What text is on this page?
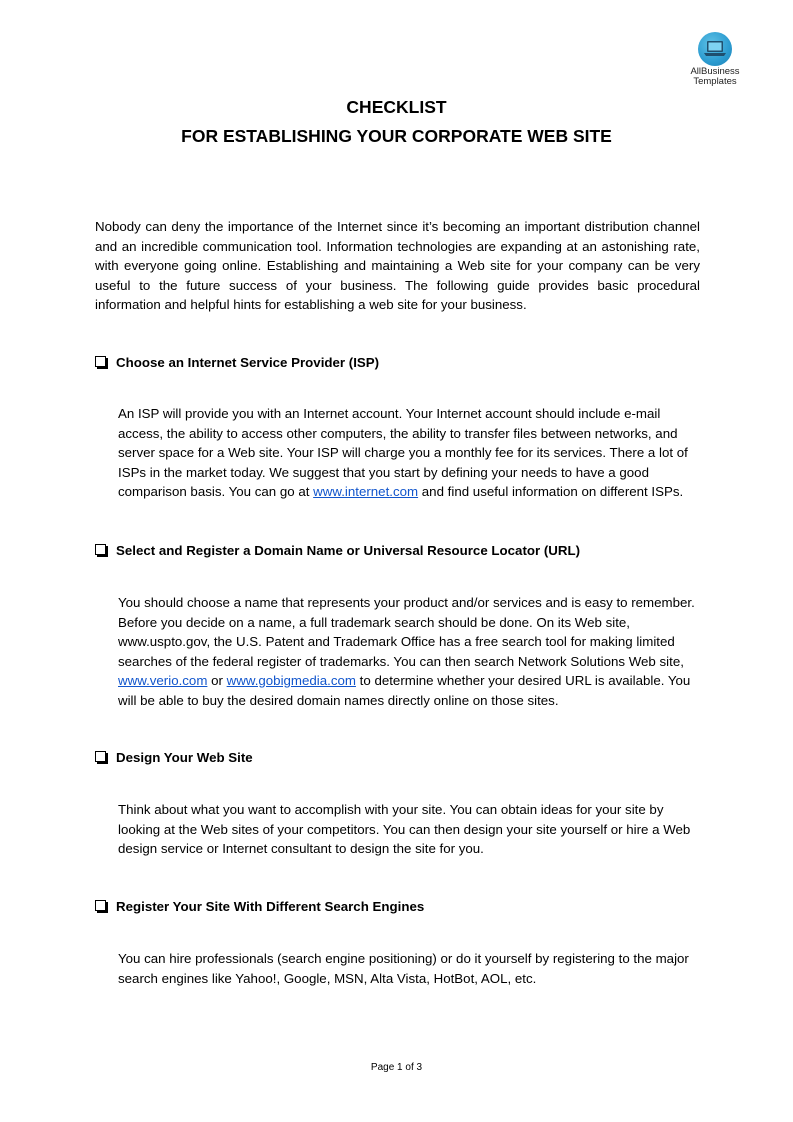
AllBusiness
Templates
CHECKLIST
FOR ESTABLISHING YOUR CORPORATE WEB SITE
Nobody can deny the importance of the Internet since it’s becoming an important distribution channel and an incredible communication tool. Information technologies are expanding at an astonishing rate, with everyone going online. Establishing and maintaining a Web site for your company can be very useful to the future success of your business. The following guide provides basic procedural information and helpful hints for establishing a web site for your business.
Choose an Internet Service Provider (ISP)
An ISP will provide you with an Internet account. Your Internet account should include e-mail access, the ability to access other computers, the ability to transfer files between networks, and server space for a Web site. Your ISP will charge you a monthly fee for its services. There a lot of ISPs in the market today. We suggest that you start by defining your needs to have a good comparison basis. You can go at www.internet.com and find useful information on different ISPs.
Select and Register a Domain Name or Universal Resource Locator (URL)
You should choose a name that represents your product and/or services and is easy to remember. Before you decide on a name, a full trademark search should be done. On its Web site, www.uspto.gov, the U.S. Patent and Trademark Office has a free search tool for making limited searches of the federal register of trademarks. You can then search Network Solutions Web site, www.verio.com or www.gobigmedia.com to determine whether your desired URL is available. You will be able to buy the desired domain names directly online on those sites.
Design Your Web Site
Think about what you want to accomplish with your site. You can obtain ideas for your site by looking at the Web sites of your competitors. You can then design your site yourself or hire a Web design service or Internet consultant to design the site for you.
Register Your Site With Different Search Engines
You can hire professionals (search engine positioning) or do it yourself by registering to the major search engines like Yahoo!, Google, MSN, Alta Vista, HotBot, AOL, etc.
Page 1 of 3
